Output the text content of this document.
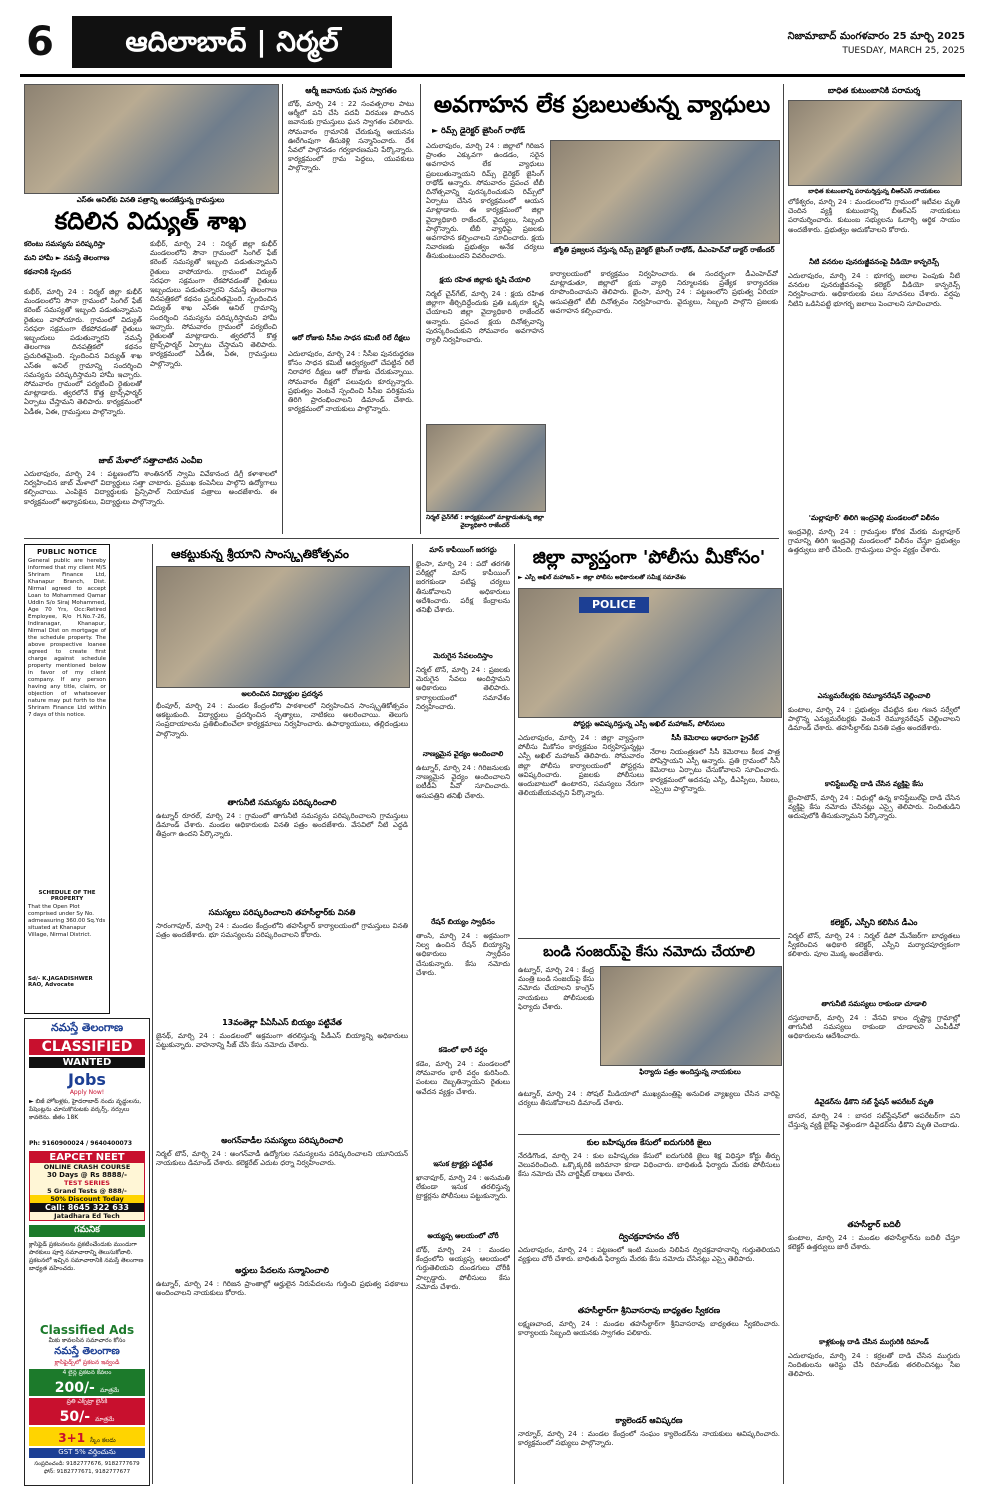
6	ఆదిలాబాద్ | నిర్మల్	నిజామాబాద్ మంగళవారం 25 మార్చి 2025
TUESDAY, MARCH 25, 2025
ఎస్ఈ అనిల్‌కు వినతి పత్రాన్ని అందజేస్తున్న గ్రామస్తులు
కదిలిన విద్యుత్ శాఖ
కరెంటు సమస్యను పరిష్కరిస్తా
మని హామీ ► నమస్తే తెలంగాణ
కథనానికి స్పందన
కుభీర్, మార్చి 24 : నిర్మల్ జిల్లా కుభీర్ మండలంలోని సౌనా గ్రామంలో సింగిల్ ఫేజ్ కరెంట్ సమస్యతో ఇబ్బంది పడుతున్నామని రైతులు వాపోయారు. గ్రామంలో విద్యుత్ సరఫరా సక్రమంగా లేకపోవడంతో రైతులు ఇబ్బందులు పడుతున్నారని నమస్తే తెలంగాణ దినపత్రికలో కథనం ప్రచురితమైంది. స్పందించిన విద్యుత్ శాఖ ఎస్ఈ అనిల్ గ్రామాన్ని సందర్శించి సమస్యను పరిష్కరిస్తామని హామీ ఇచ్చారు. సోమవారం గ్రామంలో పర్యటించి రైతులతో మాట్లాడారు. త్వరలోనే కొత్త ట్రాన్స్‌ఫార్మర్ ఏర్పాటు చేస్తామని తెలిపారు. కార్యక్రమంలో ఏడీఈ, ఏఈ, గ్రామస్తులు పాల్గొన్నారు.
కుభీర్, మార్చి 24 : నిర్మల్ జిల్లా కుభీర్ మండలంలోని సౌనా గ్రామంలో సింగిల్ ఫేజ్ కరెంట్ సమస్యతో ఇబ్బంది పడుతున్నామని రైతులు వాపోయారు. గ్రామంలో విద్యుత్ సరఫరా సక్రమంగా లేకపోవడంతో రైతులు ఇబ్బందులు పడుతున్నారని నమస్తే తెలంగాణ దినపత్రికలో కథనం ప్రచురితమైంది. స్పందించిన విద్యుత్ శాఖ ఎస్ఈ అనిల్ గ్రామాన్ని సందర్శించి సమస్యను పరిష్కరిస్తామని హామీ ఇచ్చారు. సోమవారం గ్రామంలో పర్యటించి రైతులతో మాట్లాడారు. త్వరలోనే కొత్త ట్రాన్స్‌ఫార్మర్ ఏర్పాటు చేస్తామని తెలిపారు. కార్యక్రమంలో ఏడీఈ, ఏఈ, గ్రామస్తులు పాల్గొన్నారు.
జాబ్ మేళాలో సత్తాచాటిన ఎంవీఐ
ఎదులాపురం, మార్చి 24 : పట్టణంలోని శాంతినగర్ స్వామి వివేకానంద డిగ్రీ కళాశాలలో నిర్వహించిన జాబ్ మేళాలో విద్యార్థులు సత్తా చాటారు. ప్రముఖ కంపెనీలు పాల్గొని ఉద్యోగాలు కల్పించాయి. ఎంపికైన విద్యార్థులకు ప్రిన్సిపాల్ నియామక పత్రాలు అందజేశారు. ఈ కార్యక్రమంలో అధ్యాపకులు, విద్యార్థులు పాల్గొన్నారు.
ఆర్మీ జవానుకు ఘన స్వాగతం
బోథ్, మార్చి 24 : 22 సంవత్సరాల పాటు ఆర్మీలో పని చేసి పదవీ విరమణ పొందిన జవానుకు గ్రామస్తులు ఘన స్వాగతం పలికారు. సోమవారం గ్రామానికి చేరుకున్న ఆయనను ఊరేగింపుగా తీసుకెళ్లి సన్మానించారు. దేశ సేవలో పాల్గొనడం గర్వకారణమని పేర్కొన్నారు. కార్యక్రమంలో గ్రామ పెద్దలు, యువకులు పాల్గొన్నారు.
ఆరో రోజుకు సీసీఐ సాధన కమిటీ రిలే దీక్షలు
ఎదులాపురం, మార్చి 24 : సీసీఐ పునరుద్ధరణ కోసం సాధన కమిటీ ఆధ్వర్యంలో చేపట్టిన రిలే నిరాహార దీక్షలు ఆరో రోజుకు చేరుకున్నాయి. సోమవారం దీక్షలో పలువురు కూర్చున్నారు. ప్రభుత్వం వెంటనే స్పందించి సీసీఐ పరిశ్రమను తిరిగి ప్రారంభించాలని డిమాండ్ చేశారు. కార్యక్రమంలో నాయకులు పాల్గొన్నారు.
అవగాహన లేక ప్రబలుతున్న వ్యాధులు
► రిమ్స్ డైరెక్టర్ జైసింగ్ రాథోడ్
ఎదులాపురం, మార్చి 24 : జిల్లాలో గిరిజన ప్రాంతం ఎక్కువగా ఉండడం, సరైన అవగాహన లేక వ్యాధులు ప్రబలుతున్నాయని రిమ్స్ డైరెక్టర్ జైసింగ్ రాథోడ్ అన్నారు. సోమవారం ప్రపంచ టీబీ దినోత్సవాన్ని పురస్కరించుకుని రిమ్స్‌లో ఏర్పాటు చేసిన కార్యక్రమంలో ఆయన మాట్లాడారు. ఈ కార్యక్రమంలో జిల్లా వైద్యాధికారి రాజేందర్, వైద్యులు, సిబ్బంది పాల్గొన్నారు. టీబీ వ్యాధిపై ప్రజలకు అవగాహన కల్పించాలని సూచించారు. క్షయ నివారణకు ప్రభుత్వం అనేక చర్యలు తీసుకుంటుందని వివరించారు.
జ్యోతి ప్రజ్వలన చేస్తున్న రిమ్స్ డైరెక్టర్ జైసింగ్ రాథోడ్, డీఎంహెచ్‌వో డాక్టర్ రాజేందర్
క్షయ రహిత జిల్లాకు కృషి చేయాలి
నిర్మల్ చైన్‌గేట్, మార్చి 24 : క్షయ రహిత జిల్లాగా తీర్చిదిద్దేందుకు ప్రతి ఒక్కరూ కృషి చేయాలని జిల్లా వైద్యాధికారి రాజేందర్ అన్నారు. ప్రపంచ క్షయ దినోత్సవాన్ని పురస్కరించుకుని సోమవారం అవగాహన ర్యాలీ నిర్వహించారు.
కార్యాలయంలో కార్యక్రమం నిర్వహించారు. ఈ సందర్భంగా డీఎంహెచ్‌వో మాట్లాడుతూ, జిల్లాలో క్షయ వ్యాధి నిర్మూలనకు ప్రత్యేక కార్యాచరణ రూపొందించామని తెలిపారు. భైంసా, మార్చి 24 : పట్టణంలోని ప్రభుత్వ ఏరియా ఆసుపత్రిలో టీబీ దినోత్సవం నిర్వహించారు. వైద్యులు, సిబ్బంది పాల్గొని ప్రజలకు అవగాహన కల్పించారు.
నిర్మల్ చైన్‌గేట్ : కార్యక్రమంలో మాట్లాడుతున్న జిల్లా వైద్యాధికారి రాజేందర్
బాధిత కుటుంబానికి పరామర్శ
బాధిత కుటుంబాన్ని పరామర్శిస్తున్న బీఆర్ఎస్ నాయకులు
లోకేశ్వరం, మార్చి 24 : మండలంలోని గ్రామంలో ఇటీవల మృతి చెందిన వ్యక్తి కుటుంబాన్ని బీఆర్ఎస్ నాయకులు పరామర్శించారు. కుటుంబ సభ్యులను ఓదార్చి ఆర్థిక సాయం అందజేశారు. ప్రభుత్వం ఆదుకోవాలని కోరారు.
నీటి వనరుల పునరుజ్జీవనంపై వీడియో కాన్ఫరెన్స్
ఎదులాపురం, మార్చి 24 : భూగర్భ జలాల పెంపుకు నీటి వనరుల పునరుజ్జీవనంపై కలెక్టర్ వీడియో కాన్ఫరెన్స్ నిర్వహించారు. అధికారులకు పలు సూచనలు చేశారు. వర్షపు నీటిని ఒడిసిపట్టి భూగర్భ జలాలు పెంచాలని సూచించారు.
'మల్లాపూర్' తిలిగి ఇంద్రవెల్లి మండలంలో విలీనం
ఇంద్రవెల్లి, మార్చి 24 : గ్రామస్తుల కోరిక మేరకు మల్లాపూర్ గ్రామాన్ని తిరిగి ఇంద్రవెల్లి మండలంలో విలీనం చేస్తూ ప్రభుత్వం ఉత్తర్వులు జారీ చేసింది. గ్రామస్తులు హర్షం వ్యక్తం చేశారు.
ఎన్యుమరేటర్లకు రెమ్యూనరేషన్ చెల్లించాలి
కుంటాల, మార్చి 24 : ప్రభుత్వం చేపట్టిన కుల గణన సర్వేలో పాల్గొన్న ఎన్యుమరేటర్లకు వెంటనే రెమ్యూనరేషన్ చెల్లించాలని డిమాండ్ చేశారు. తహసీల్దార్‌కు వినతి పత్రం అందజేశారు.
కానిస్టేబుల్‌పై దాడి చేసిన వ్యక్తిపై కేసు
భైంసాటౌన్, మార్చి 24 : విధుల్లో ఉన్న కానిస్టేబుల్‌పై దాడి చేసిన వ్యక్తిపై కేసు నమోదు చేసినట్లు ఎస్సై తెలిపారు. నిందితుడిని అదుపులోకి తీసుకున్నామని పేర్కొన్నారు.
కలెక్టర్, ఎస్పీని కలిసిన డీఎం
నిర్మల్ టౌన్, మార్చి 24 : నిర్మల్ డిపో మేనేజర్‌గా బాధ్యతలు స్వీకరించిన అధికారి కలెక్టర్, ఎస్పీని మర్యాదపూర్వకంగా కలిశారు. పూల మొక్క అందజేశారు.
తాగునీటి సమస్యలు రాకుండా చూడాలి
దస్తురాబాద్, మార్చి 24 : వేసవి కాలం దృష్ట్యా గ్రామాల్లో తాగునీటి సమస్యలు రాకుండా చూడాలని ఎంపీడీవో అధికారులను ఆదేశించారు.
డివైడర్‌ను ఢీకొని సబ్ స్టేషన్ ఆపరేటర్ మృతి
బాసర, మార్చి 24 : బాసర సబ్‌స్టేషన్‌లో ఆపరేటర్‌గా పని చేస్తున్న వ్యక్తి బైక్‌పై వెళ్తుండగా డివైడర్‌ను ఢీకొని మృతి చెందాడు.
తహసీల్దార్ బదిలీ
కుంటాల, మార్చి 24 : మండల తహసీల్దార్‌ను బదిలీ చేస్తూ కలెక్టర్ ఉత్తర్వులు జారీ చేశారు.
కాళ్లకుంట్ల దాడి చేసిన ముగ్గురికి రిమాండ్
ఎదులాపురం, మార్చి 24 : కర్రలతో దాడి చేసిన ముగ్గురు నిందితులను అరెస్టు చేసి రిమాండ్‌కు తరలించినట్లు సీఐ తెలిపారు.
PUBLIC NOTICE
General public are hereby informed that my client M/S Shriram Finance Ltd, Khanapur Branch, Dist. Nirmal agreed to accept Loan to Mohammed Qamar Uddin S/o Siraj Mohammed, Age 70 Yrs, Occ:Retired Employee, R/o H.No.7-26, Indiranagar, Khanapur, Nirmal Dist on mortgage of the schedule property. The above prospective loanee agreed to create first charge against schedule property mentioned below in favor of my client company. If any person having any title, claim, or objection of whatsoever nature may put forth to the Shriram Finance Ltd within 7 days of this notice.
SCHEDULE OF THE PROPERTY
That the Open Plot comprised under Sy No. admeasuring 360.00 Sq.Yds situated at Khanapur Village, Nirmal District.
Sd/- K.JAGADISHWER RAO, Advocate
నమస్తే తెలంగాణ
CLASSIFIED
WANTED
Jobs
Apply Now!
► బిజీ హోటళ్లకు, హైదరాబాద్ నందు వృద్ధులను, పేషెంట్లను చూసుకొనుటకు వర్కర్స్, నర్సులు కావలెను. జీతం 18K
Ph: 9160900024 / 9640400073
EAPCET NEET
ONLINE CRASH COURSE
30 Days @ Rs 8888/-
TEST SERIES
5 Grand Tests @ 888/-
50% Discount Today
Call: 8645 322 633
Jatadhara Ed Tech
గమనిక
క్లాసిఫైడ్ ప్రకటనలను ప్రకటించేందుకు ముందుగా పాఠకులు పూర్తి సమాచారాన్ని తెలుసుకోవాలి. ప్రకటనలో ఇచ్చిన సమాచారానికి నమస్తే తెలంగాణ బాధ్యత వహించదు.
Classified Ads
మీకు కావలసిన సమాచారం కోసం
నమస్తే తెలంగాణ
క్లాసిఫైడ్స్‌లో ప్రకటన ఇవ్వండి
4 లైన్ల ప్రకటన కేవలం
200/- మాత్రమే
ప్రతి ఎక్స్‌ట్రా లైన్‌కి
50/- మాత్రమే
3+1 స్కీం కలదు
GST 5% వర్తించును
సంప్రదించండి: 9182777676, 9182777679
ఫోన్: 9182777671, 9182777677
ఆకట్టుకున్న శ్రీయాని సాంస్కృతికోత్సవం
అలరించిన విద్యార్థుల ప్రదర్శన
భీంపూర్, మార్చి 24 : మండల కేంద్రంలోని పాఠశాలలో నిర్వహించిన సాంస్కృతికోత్సవం ఆకట్టుకుంది. విద్యార్థులు ప్రదర్శించిన నృత్యాలు, నాటికలు అలరించాయి. తెలుగు సంప్రదాయాలను ప్రతిబింబించేలా కార్యక్రమాలు నిర్వహించారు. ఉపాధ్యాయులు, తల్లిదండ్రులు పాల్గొన్నారు.
తాగునీటి సమస్యను పరిష్కరించాలి
ఉట్నూర్ రూరల్, మార్చి 24 : గ్రామంలో తాగునీటి సమస్యను పరిష్కరించాలని గ్రామస్తులు డిమాండ్ చేశారు. మండల అధికారులకు వినతి పత్రం అందజేశారు. వేసవిలో నీటి ఎద్దడి తీవ్రంగా ఉందని పేర్కొన్నారు.
సమస్యలు పరిష్కరించాలని తహసీల్దార్‌కు వినతి
సారంగాపూర్, మార్చి 24 : మండల కేంద్రంలోని తహసీల్దార్ కార్యాలయంలో గ్రామస్తులు వినతి పత్రం అందజేశారు. భూ సమస్యలను పరిష్కరించాలని కోరారు.
13వ‌ంతెల్లా పీఏసీఎస్ బియ్యం పట్టివేత
జైనథ్, మార్చి 24 : మండలంలో అక్రమంగా తరలిస్తున్న పీడీఎస్ బియ్యాన్ని అధికారులు పట్టుకున్నారు. వాహనాన్ని సీజ్ చేసి కేసు నమోదు చేశారు.
అంగన్‌వాడీల సమస్యలు పరిష్కరించాలి
నిర్మల్ టౌన్, మార్చి 24 : అంగన్‌వాడీ ఉద్యోగుల సమస్యలను పరిష్కరించాలని యూనియన్ నాయకులు డిమాండ్ చేశారు. కలెక్టరేట్ ఎదుట ధర్నా నిర్వహించారు.
అర్హులు పేదలను సన్మానించాలి
ఉట్నూర్, మార్చి 24 : గిరిజన ప్రాంతాల్లో అర్హులైన నిరుపేదలను గుర్తించి ప్రభుత్వ పథకాలు అందించాలని నాయకులు కోరారు.
మాస్ కాపీయింగ్ జరగద్దు
భైంసా, మార్చి 24 : పదో తరగతి పరీక్షల్లో మాస్ కాపీయింగ్ జరగకుండా పటిష్ట చర్యలు తీసుకోవాలని అధికారులు ఆదేశించారు. పరీక్ష కేంద్రాలను తనిఖీ చేశారు.
మెరుగైన సేవలందిస్తాం
నిర్మల్ టౌన్, మార్చి 24 : ప్రజలకు మెరుగైన సేవలు అందిస్తామని అధికారులు తెలిపారు. కార్యాలయంలో సమావేశం నిర్వహించారు.
నాణ్యమైన వైద్యం అందించాలి
ఉట్నూర్, మార్చి 24 : గిరిజనులకు నాణ్యమైన వైద్యం అందించాలని ఐటీడీఏ పీవో సూచించారు. ఆసుపత్రిని తనిఖీ చేశారు.
రేషన్ బియ్యం స్వాధీనం
తాంసి, మార్చి 24 : అక్రమంగా నిల్వ ఉంచిన రేషన్ బియ్యాన్ని అధికారులు స్వాధీనం చేసుకున్నారు. కేసు నమోదు చేశారు.
కడెంలో భారీ వర్షం
కడెం, మార్చి 24 : మండలంలో సోమవారం భారీ వర్షం కురిసింది. పంటలు దెబ్బతిన్నాయని రైతులు ఆవేదన వ్యక్తం చేశారు.
ఇసుక ట్రాక్టర్లు పట్టివేత
ఖానాపూర్, మార్చి 24 : అనుమతి లేకుండా ఇసుక తరలిస్తున్న ట్రాక్టర్లను పోలీసులు పట్టుకున్నారు.
అయ్యప్ప ఆలయంలో చోరీ
బోథ్, మార్చి 24 : మండల కేంద్రంలోని అయ్యప్ప ఆలయంలో గుర్తుతెలియని దుండగులు చోరీకి పాల్పడ్డారు. పోలీసులు కేసు నమోదు చేశారు.
జిల్లా వ్యాప్తంగా 'పోలీసు మీకోసం'
► ఎస్పీ అఖిల్ మహాజన్ ► జిల్లా పోలీసు అధికారులతో సమీక్ష సమావేశం
POLICE
పోస్టర్లు ఆవిష్కరిస్తున్న ఎస్పీ అఖిల్ మహాజన్, పోలీసులు
ఎదులాపురం, మార్చి 24 : జిల్లా వ్యాప్తంగా పోలీసు మీకోసం కార్యక్రమం నిర్వహిస్తున్నట్లు ఎస్పీ అఖిల్ మహాజన్ తెలిపారు. సోమవారం జిల్లా పోలీసు కార్యాలయంలో పోస్టర్లను ఆవిష్కరించారు. ప్రజలకు పోలీసులు అందుబాటులో ఉంటారని, సమస్యలు నేరుగా తెలియజేయవచ్చని పేర్కొన్నారు.
సీసీ కెమెరాలు ఆధారంగా ప్రైవేట్
నేరాల నియంత్రణలో సీసీ కెమెరాలు కీలక పాత్ర పోషిస్తాయని ఎస్పీ అన్నారు. ప్రతి గ్రామంలో సీసీ కెమెరాలు ఏర్పాటు చేసుకోవాలని సూచించారు. కార్యక్రమంలో అదనపు ఎస్పీ, డీఎస్పీలు, సీఐలు, ఎస్సైలు పాల్గొన్నారు.
బండి సంజయ్‌పై కేసు నమోదు చేయాలి
ఉట్నూర్, మార్చి 24 : కేంద్ర మంత్రి బండి సంజయ్‌పై కేసు నమోదు చేయాలని కాంగ్రెస్ నాయకులు పోలీసులకు ఫిర్యాదు చేశారు.
ఫిర్యాదు పత్రం అందిస్తున్న నాయకులు
ఉట్నూర్, మార్చి 24 : సోషల్ మీడియాలో ముఖ్యమంత్రిపై అనుచిత వ్యాఖ్యలు చేసిన వారిపై చర్యలు తీసుకోవాలని డిమాండ్ చేశారు.
కుల బహిష్కరణ కేసులో ఐదుగురికి జైలు
నేరడిగొండ, మార్చి 24 : కుల బహిష్కరణ కేసులో ఐదుగురికి జైలు శిక్ష విధిస్తూ కోర్టు తీర్పు వెలువరించింది. ఒక్కొక్కరికి జరిమానా కూడా విధించారు. బాధితుడి ఫిర్యాదు మేరకు పోలీసులు కేసు నమోదు చేసి చార్జిషీట్ దాఖలు చేశారు.
ద్విచక్రవాహనం చోరీ
ఎదులాపురం, మార్చి 24 : పట్టణంలో ఇంటి ముందు నిలిపిన ద్విచక్రవాహనాన్ని గుర్తుతెలియని వ్యక్తులు చోరీ చేశారు. బాధితుడి ఫిర్యాదు మేరకు కేసు నమోదు చేసినట్లు ఎస్సై తెలిపారు.
తహసీల్దార్‌గా శ్రీనివాసరావు బాధ్యతల స్వీకరణ
లక్ష్మణచాంద, మార్చి 24 : మండల తహసీల్దార్‌గా శ్రీనివాసరావు బాధ్యతలు స్వీకరించారు. కార్యాలయ సిబ్బంది ఆయనకు స్వాగతం పలికారు.
క్యాలెండర్ ఆవిష్కరణ
నార్నూర్, మార్చి 24 : మండల కేంద్రంలో సంఘం క్యాలెండర్‌ను నాయకులు ఆవిష్కరించారు. కార్యక్రమంలో సభ్యులు పాల్గొన్నారు.
